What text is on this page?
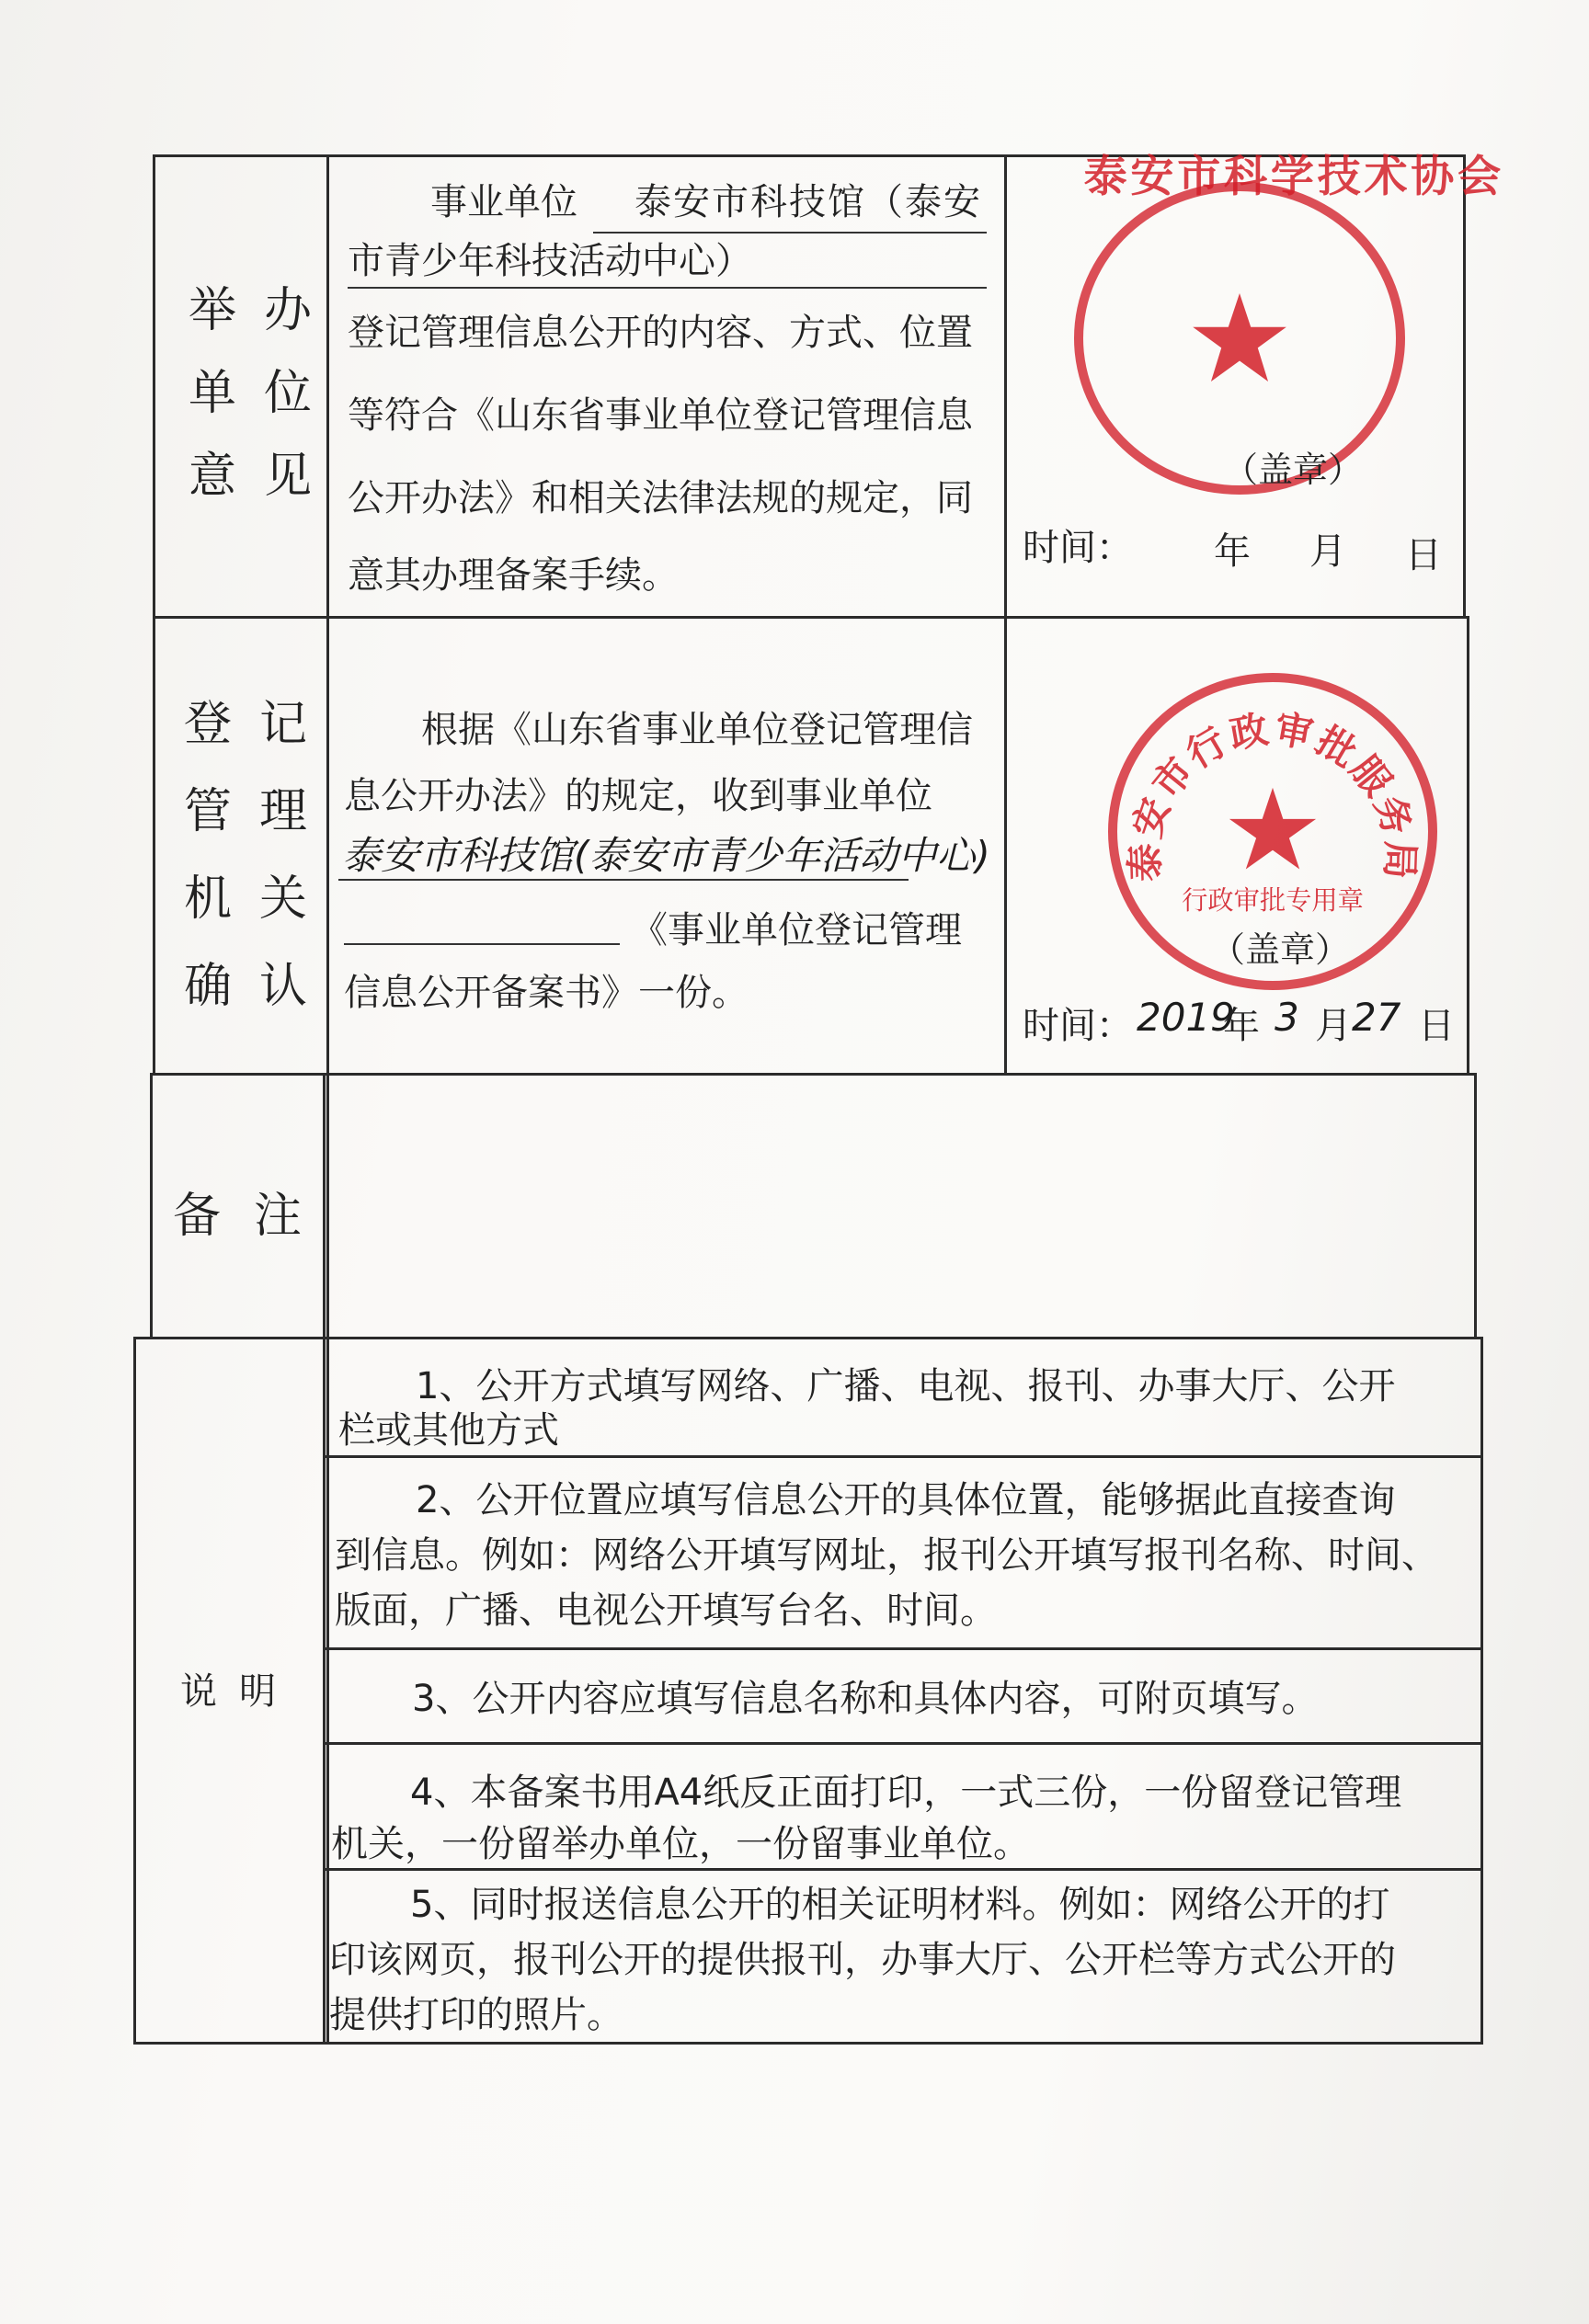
举 办
单 位
意 见
事业单位 泰安市科技馆（泰安
市青少年科技活动中心）
登记管理信息公开的内容、方式、位置
等符合《山东省事业单位登记管理信息
公开办法》和相关法律法规的规定，同
意其办理备案手续。
泰安市科学技术协会
（盖章）
时间： 年 月 日
登 记
管 理
机 关
确 认
根据《山东省事业单位登记管理信
息公开办法》的规定，收到事业单位
泰安市科技馆(泰安市青少年活动中心)
《事业单位登记管理
信息公开备案书》一份。
泰安市行政审批服务局
行政审批专用章
（盖章）
时间： 2019
年 3 月 27 日
备 注
说 明
1、公开方式填写网络、广播、电视、报刊、办事大厅、公开
栏或其他方式
2、公开位置应填写信息公开的具体位置，能够据此直接查询
到信息。例如：网络公开填写网址，报刊公开填写报刊名称、时间、
版面，广播、电视公开填写台名、时间。
3、公开内容应填写信息名称和具体内容，可附页填写。
4、本备案书用A4纸反正面打印，一式三份，一份留登记管理
机关，一份留举办单位，一份留事业单位。
5、同时报送信息公开的相关证明材料。例如：网络公开的打
印该网页，报刊公开的提供报刊，办事大厅、公开栏等方式公开的
提供打印的照片。
